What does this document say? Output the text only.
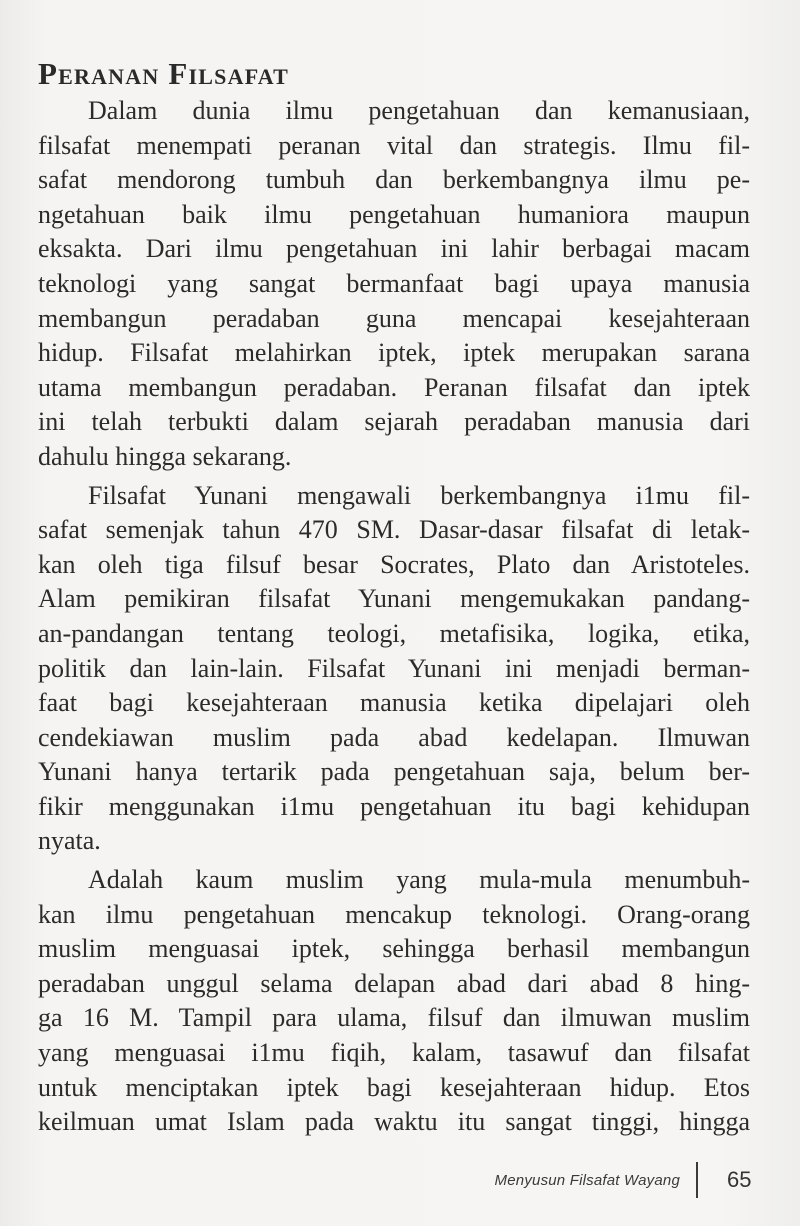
Peranan Filsafat
Dalam dunia ilmu pengetahuan dan kemanusiaan,
filsafat menempati peranan vital dan strategis. Ilmu fil-
safat mendorong tumbuh dan berkembangnya ilmu pe-
ngetahuan baik ilmu pengetahuan humaniora maupun
eksakta. Dari ilmu pengetahuan ini lahir berbagai macam
teknologi yang sangat bermanfaat bagi upaya manusia
membangun peradaban guna mencapai kesejahteraan
hidup. Filsafat melahirkan iptek, iptek merupakan sarana
utama membangun peradaban. Peranan filsafat dan iptek
ini telah terbukti dalam sejarah peradaban manusia dari
dahulu hingga sekarang.
Filsafat Yunani mengawali berkembangnya i1mu fil-
safat semenjak tahun 470 SM. Dasar-dasar filsafat di letak-
kan oleh tiga filsuf besar Socrates, Plato dan Aristoteles.
Alam pemikiran filsafat Yunani mengemukakan pandang-
an-pandangan tentang teologi, metafisika, logika, etika,
politik dan lain-lain. Filsafat Yunani ini menjadi berman-
faat bagi kesejahteraan manusia ketika dipelajari oleh
cendekiawan muslim pada abad kedelapan. Ilmuwan
Yunani hanya tertarik pada pengetahuan saja, belum ber-
fikir menggunakan i1mu pengetahuan itu bagi kehidupan
nyata.
Adalah kaum muslim yang mula-mula menumbuh-
kan ilmu pengetahuan mencakup teknologi. Orang-orang
muslim menguasai iptek, sehingga berhasil membangun
peradaban unggul selama delapan abad dari abad 8 hing-
ga 16 M. Tampil para ulama, filsuf dan ilmuwan muslim
yang menguasai i1mu fiqih, kalam, tasawuf dan filsafat
untuk menciptakan iptek bagi kesejahteraan hidup. Etos
keilmuan umat Islam pada waktu itu sangat tinggi, hingga
Menyusun Filsafat Wayang 65
